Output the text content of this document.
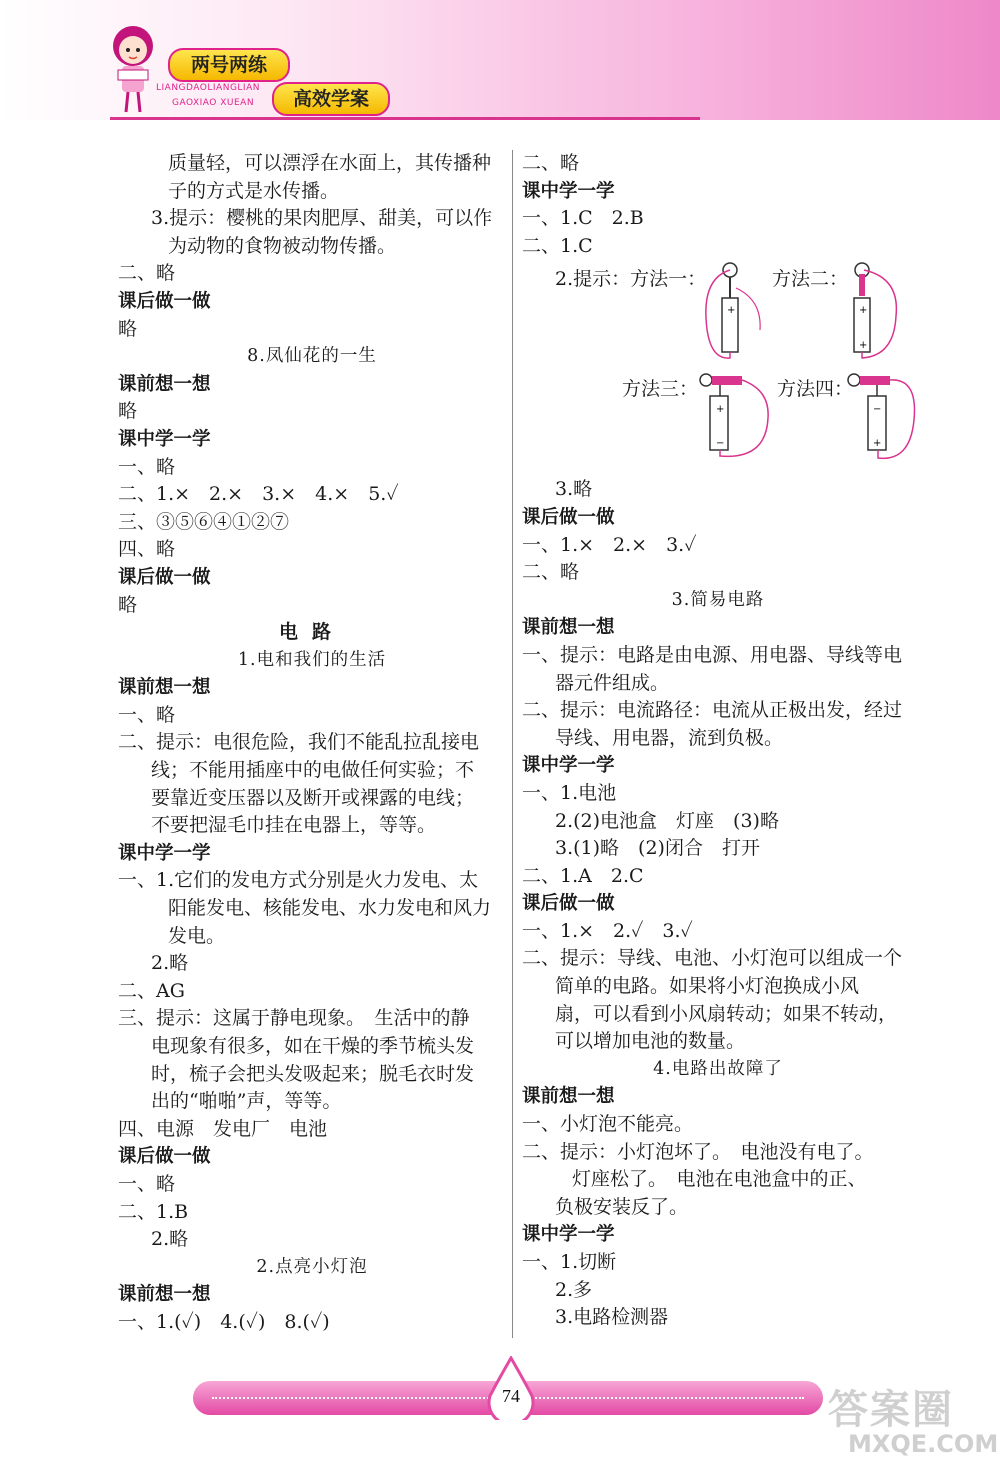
两号两练
LIANGDAOLIANGLIAN
GAOXIAO XUEAN	高效学案
质量轻，可以漂浮在水面上，其传播种
子的方式是水传播。
3.提示：樱桃的果肉肥厚、甜美，可以作
为动物的食物被动物传播。
二、略
课后做一做
略
8.凤仙花的一生
课前想一想
略
课中学一学
一、略
二、1.×　2.×　3.×　4.×　5.✓
三、③⑤⑥④①②⑦
四、略
课后做一做
略
电路
1.电和我们的生活
课前想一想
一、略
二、提示：电很危险，我们不能乱拉乱接电
线；不能用插座中的电做任何实验；不
要靠近变压器以及断开或裸露的电线；
不要把湿毛巾挂在电器上，等等。
课中学一学
一、1.它们的发电方式分别是火力发电、太
阳能发电、核能发电、水力发电和风力
发电。
2.略
二、AG
三、提示：这属于静电现象。　生活中的静
电现象有很多，如在干燥的季节梳头发
时，梳子会把头发吸起来；脱毛衣时发
出的“啪啪”声，等等。
四、电源　发电厂　电池
课后做一做
一、略
二、1.B
2.略
2.点亮小灯泡
课前想一想
一、1.(✓)　4.(✓)　8.(✓)
二、略
课中学一学
一、1.C　2.B
二、1.C
2.提示：方法一：
+
方法二：
+
+
方法三：
+
−
方法四：
−
+
3.略
课后做一做
一、1.×　2.×　3.✓
二、略
3.简易电路
课前想一想
一、提示：电路是由电源、用电器、导线等电
器元件组成。
二、提示：电流路径：电流从正极出发，经过
导线、用电器，流到负极。
课中学一学
一、1.电池
2.(2)电池盒　灯座　(3)略
3.(1)略　(2)闭合　打开
二、1.A　2.C
课后做一做
一、1.×　2.✓　3.✓
二、提示：导线、电池、小灯泡可以组成一个
简单的电路。如果将小灯泡换成小风
扇，可以看到小风扇转动；如果不转动，
可以增加电池的数量。
4.电路出故障了
课前想一想
一、小灯泡不能亮。
二、提示：小灯泡坏了。　电池没有电了。
灯座松了。　电池在电池盒中的正、
负极安装反了。
课中学一学
一、1.切断
2.多
3.电路检测器
74	答案圈
MXQE.COM
